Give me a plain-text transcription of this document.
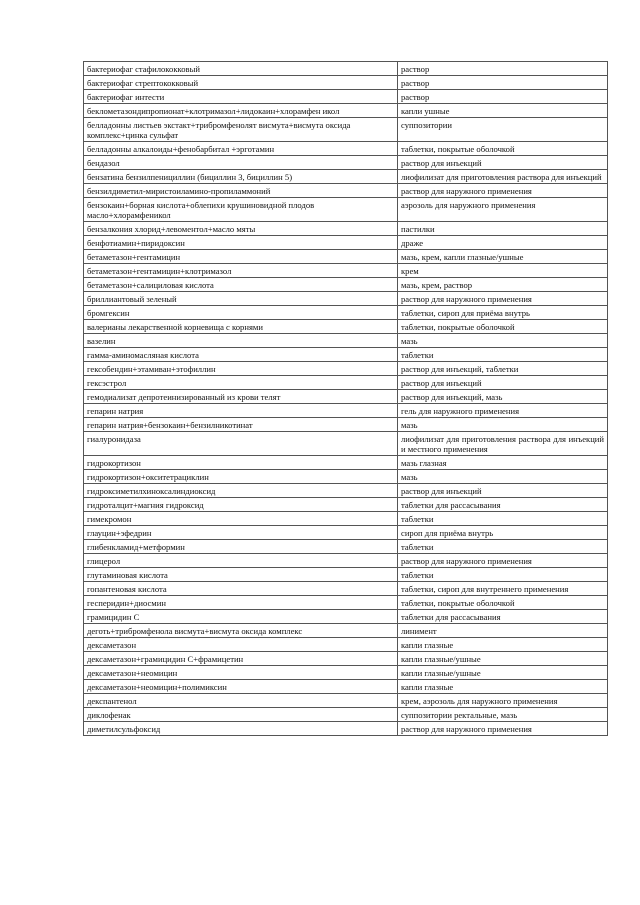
бактериофаг стафилококковый	раствор
бактериофаг стрептококковый	раствор
бактериофаг интести	раствор
беклометазондипропионат+клотримазол+лидокаин+хлорамфен икол	капли ушные
белладонны листьев экстакт+трибромфенолят висмута+висмута оксида комплекс+цинка сульфат	суппозитории
белладонны алкалоиды+фенобарбитал +эрготамин	таблетки, покрытые оболочкой
бендазол	раствор для инъекций
бензатина бензилпенициллин (бициллин 3, бициллин 5)	лиофилизат для приготовления раствора для инъекций
бензилдиметил-миристоиламино-пропиламмоний	раствор для наружного применения
бензокаин+борная кислота+облепихи крушиновидной плодов масло+хлорамфеникол	аэрозоль для наружного применения
бензалкония хлорид+левоментол+масло мяты	пастилки
бенфотиамин+пиридоксин	драже
бетаметазон+гентамицин	мазь, крем, капли глазные/ушные
бетаметазон+гентамицин+клотримазол	крем
бетаметазон+салициловая кислота	мазь, крем, раствор
бриллиантовый зеленый	раствор для наружного применения
бромгексин	таблетки, сироп для приёма внутрь
валерианы лекарственной корневища с корнями	таблетки, покрытые оболочкой
вазелин	мазь
гамма-аминомасляная кислота	таблетки
гексобендин+этамиван+этофиллин	раствор для инъекций, таблетки
гексэстрол	раствор для инъекций
гемодиализат депротеинизированный из крови телят	раствор для инъекций, мазь
гепарин натрия	гель для наружного применения
гепарин натрия+бензокаин+бензилникотинат	мазь
гиалуронидаза	лиофилизат для приготовления раствора для инъекций и местного применения
гидрокортизон	мазь глазная
гидрокортизон+окситетрациклин	мазь
гидроксиметилхиноксалиндиоксид	раствор для инъекций
гидроталцит+магния гидроксид	таблетки для рассасывания
гимекромон	таблетки
глауцин+эфедрин	сироп для приёма внутрь
глибенкламид+метформин	таблетки
глицерол	раствор для наружного применения
глутаминовая кислота	таблетки
гопантеновая кислота	таблетки, сироп для внутреннего применения
гесперидин+диосмин	таблетки, покрытые оболочкой
грамицидин С	таблетки для рассасывания
деготь+трибромфенола висмута+висмута оксида комплекс	линимент
дексаметазон	капли глазные
дексаметазон+грамицидин С+фрамицетин	капли глазные/ушные
дексаметазон+неомицин	капли глазные/ушные
дексаметазон+неомицин+полимиксин	капли глазные
декспантенол	крем, аэрозоль для наружного применения
диклофенак	суппозитории ректальные, мазь
диметилсульфоксид	раствор для наружного применения
